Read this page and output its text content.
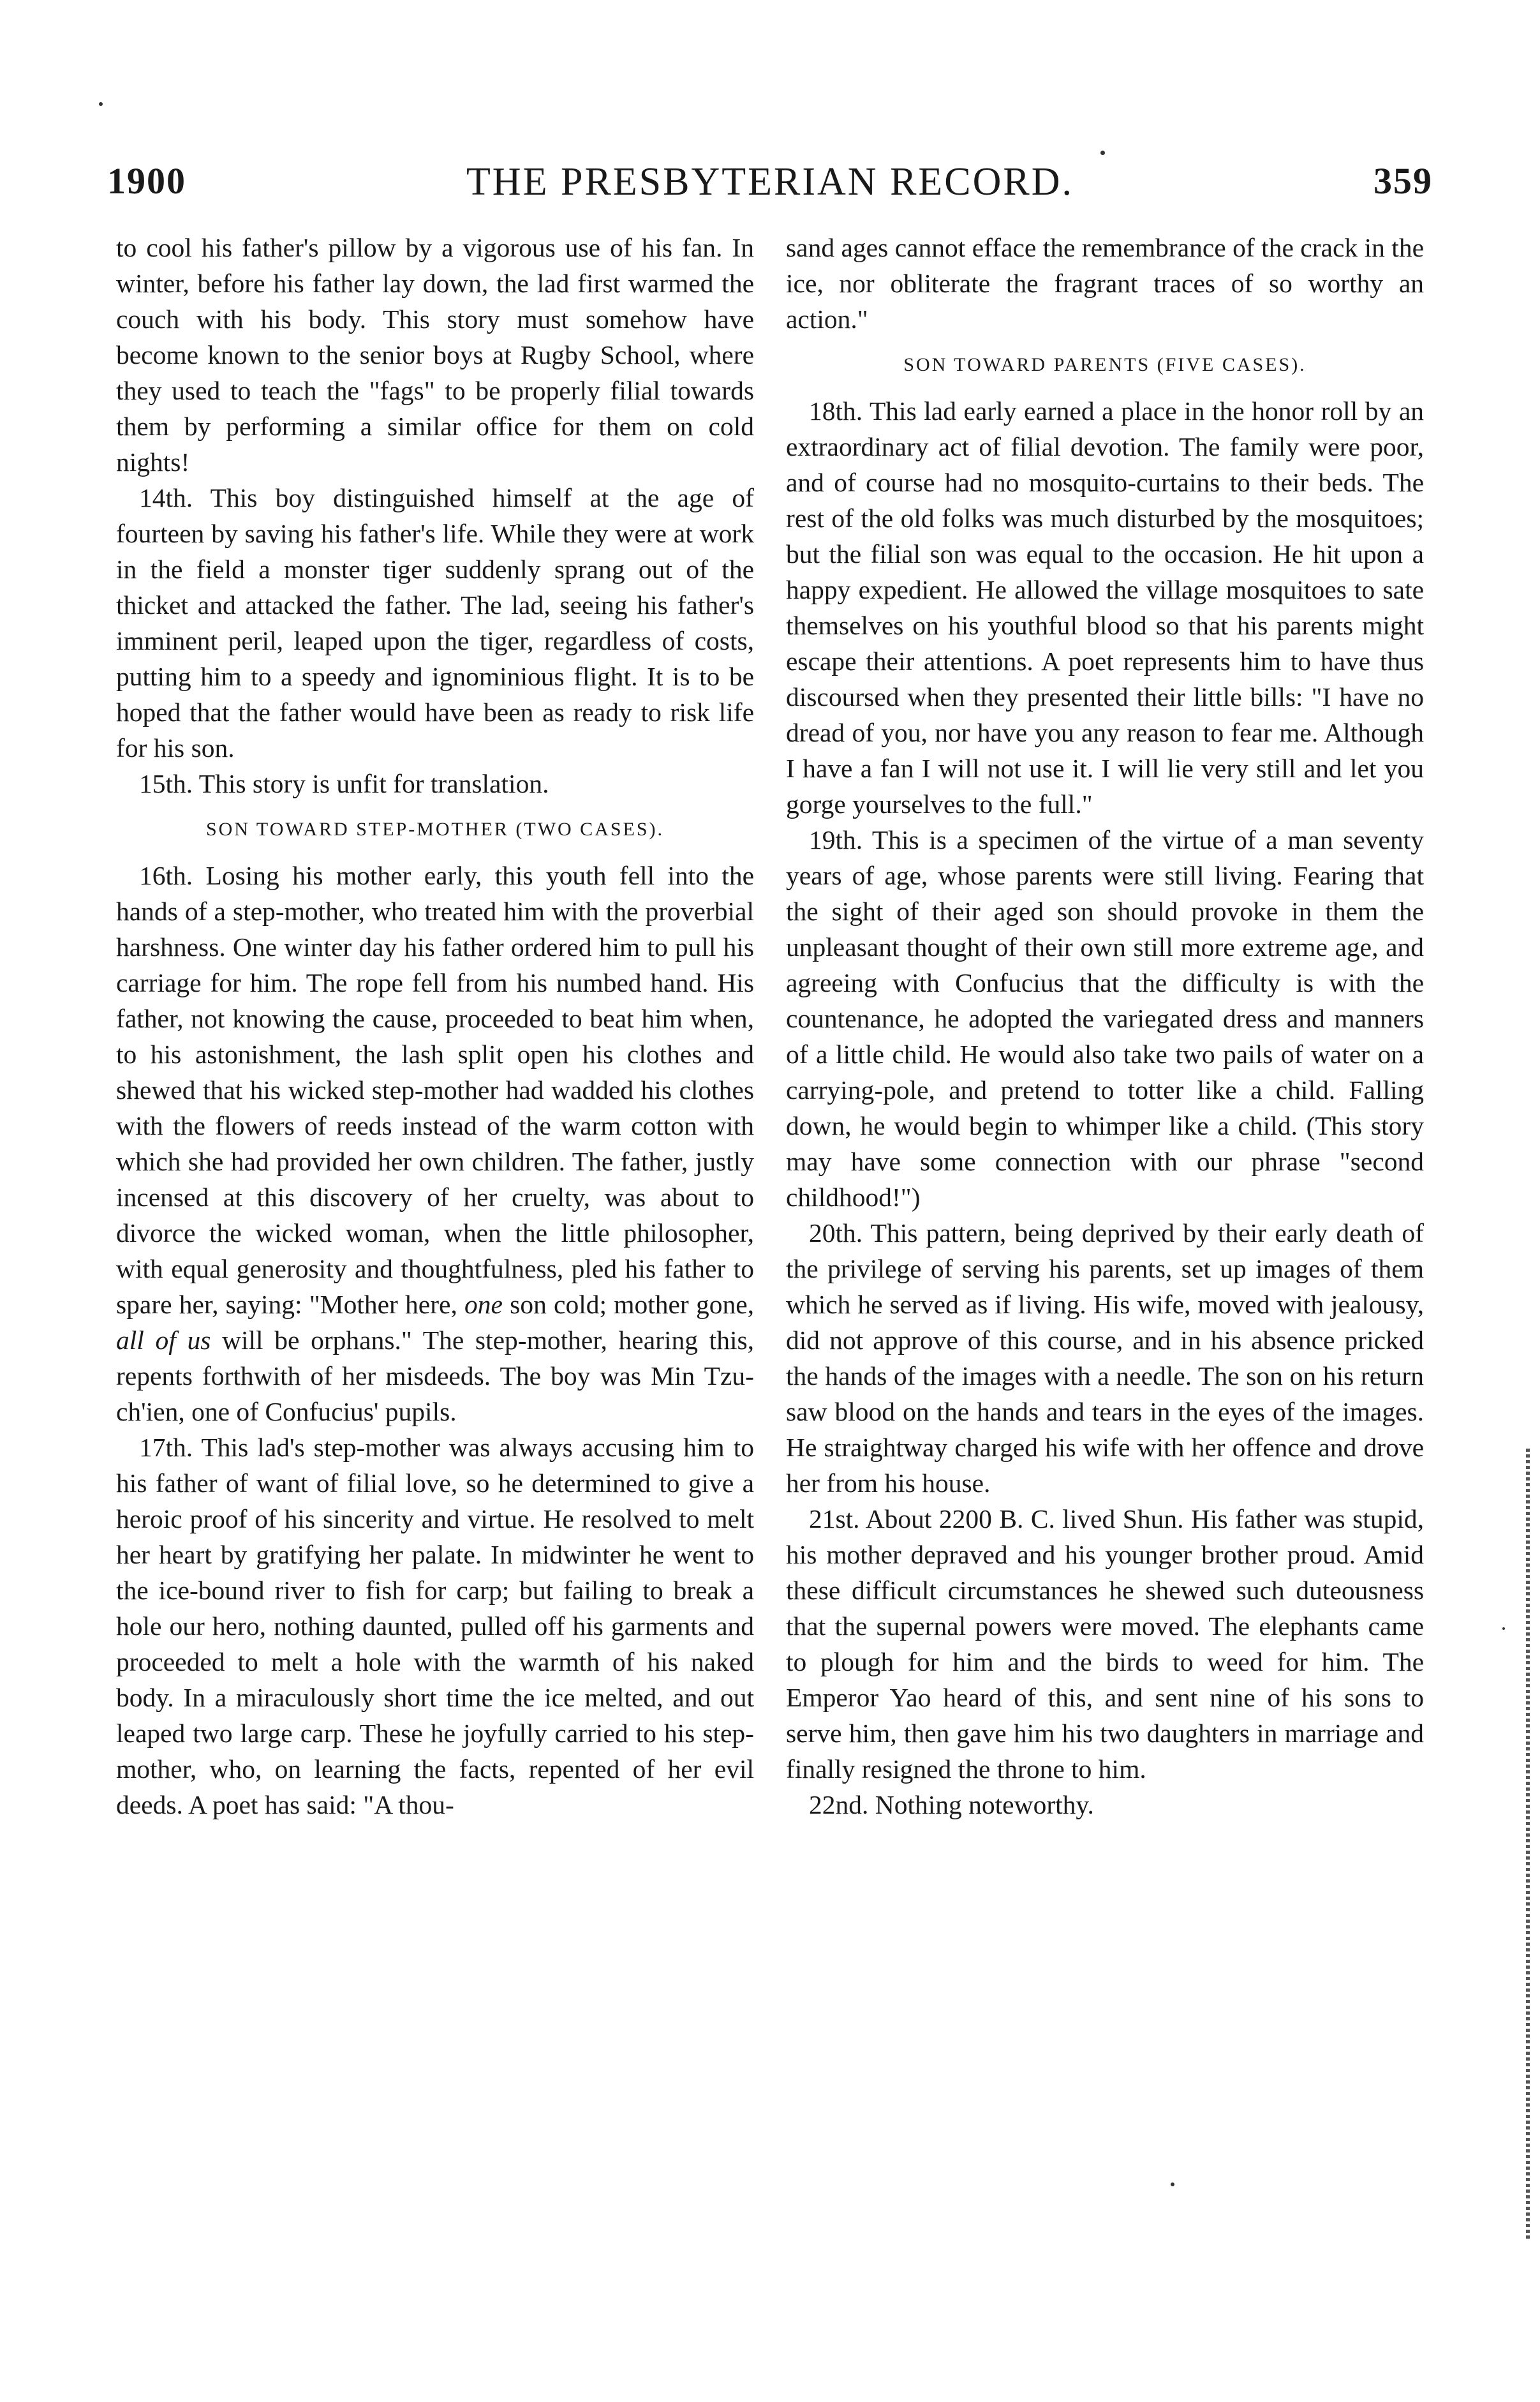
1900	THE PRESBYTERIAN RECORD.	359

to cool his father's pillow by a vigorous use of his fan. In winter, before his father lay down, the lad first warmed the couch with his body. This story must somehow have become known to the senior boys at Rugby School, where they used to teach the "fags" to be properly filial towards them by performing a similar office for them on cold nights!

14th. This boy distinguished himself at the age of fourteen by saving his father's life. While they were at work in the field a monster tiger suddenly sprang out of the thicket and attacked the father. The lad, seeing his father's imminent peril, leaped upon the tiger, regardless of costs, putting him to a speedy and ignominious flight. It is to be hoped that the father would have been as ready to risk life for his son.

15th. This story is unfit for translation.

SON TOWARD STEP-MOTHER (TWO CASES).

16th. Losing his mother early, this youth fell into the hands of a step-mother, who treated him with the proverbial harshness. One winter day his father ordered him to pull his carriage for him. The rope fell from his numbed hand. His father, not knowing the cause, proceeded to beat him when, to his astonishment, the lash split open his clothes and shewed that his wicked step-mother had wadded his clothes with the flowers of reeds instead of the warm cotton with which she had provided her own children. The father, justly incensed at this discovery of her cruelty, was about to divorce the wicked woman, when the little philosopher, with equal generosity and thoughtfulness, pled his father to spare her, saying: "Mother here, one son cold; mother gone, all of us will be orphans." The step-mother, hearing this, repents forthwith of her misdeeds. The boy was Min Tzu-ch'ien, one of Confucius' pupils.

17th. This lad's step-mother was always accusing him to his father of want of filial love, so he determined to give a heroic proof of his sincerity and virtue. He resolved to melt her heart by gratifying her palate. In midwinter he went to the ice-bound river to fish for carp; but failing to break a hole our hero, nothing daunted, pulled off his garments and proceeded to melt a hole with the warmth of his naked body. In a miraculously short time the ice melted, and out leaped two large carp. These he joyfully carried to his step-mother, who, on learning the facts, repented of her evil deeds. A poet has said: "A thou-

sand ages cannot efface the remembrance of the crack in the ice, nor obliterate the fragrant traces of so worthy an action."

SON TOWARD PARENTS (FIVE CASES).

18th. This lad early earned a place in the honor roll by an extraordinary act of filial devotion. The family were poor, and of course had no mosquito-curtains to their beds. The rest of the old folks was much disturbed by the mosquitoes; but the filial son was equal to the occasion. He hit upon a happy expedient. He allowed the village mosquitoes to sate themselves on his youthful blood so that his parents might escape their attentions. A poet represents him to have thus discoursed when they presented their little bills: "I have no dread of you, nor have you any reason to fear me. Although I have a fan I will not use it. I will lie very still and let you gorge yourselves to the full."

19th. This is a specimen of the virtue of a man seventy years of age, whose parents were still living. Fearing that the sight of their aged son should provoke in them the unpleasant thought of their own still more extreme age, and agreeing with Confucius that the difficulty is with the countenance, he adopted the variegated dress and manners of a little child. He would also take two pails of water on a carrying-pole, and pretend to totter like a child. Falling down, he would begin to whimper like a child. (This story may have some connection with our phrase "second childhood!")

20th. This pattern, being deprived by their early death of the privilege of serving his parents, set up images of them which he served as if living. His wife, moved with jealousy, did not approve of this course, and in his absence pricked the hands of the images with a needle. The son on his return saw blood on the hands and tears in the eyes of the images. He straightway charged his wife with her offence and drove her from his house.

21st. About 2200 B. C. lived Shun. His father was stupid, his mother depraved and his younger brother proud. Amid these difficult circumstances he shewed such duteousness that the supernal powers were moved. The elephants came to plough for him and the birds to weed for him. The Emperor Yao heard of this, and sent nine of his sons to serve him, then gave him his two daughters in marriage and finally resigned the throne to him.

22nd. Nothing noteworthy.
